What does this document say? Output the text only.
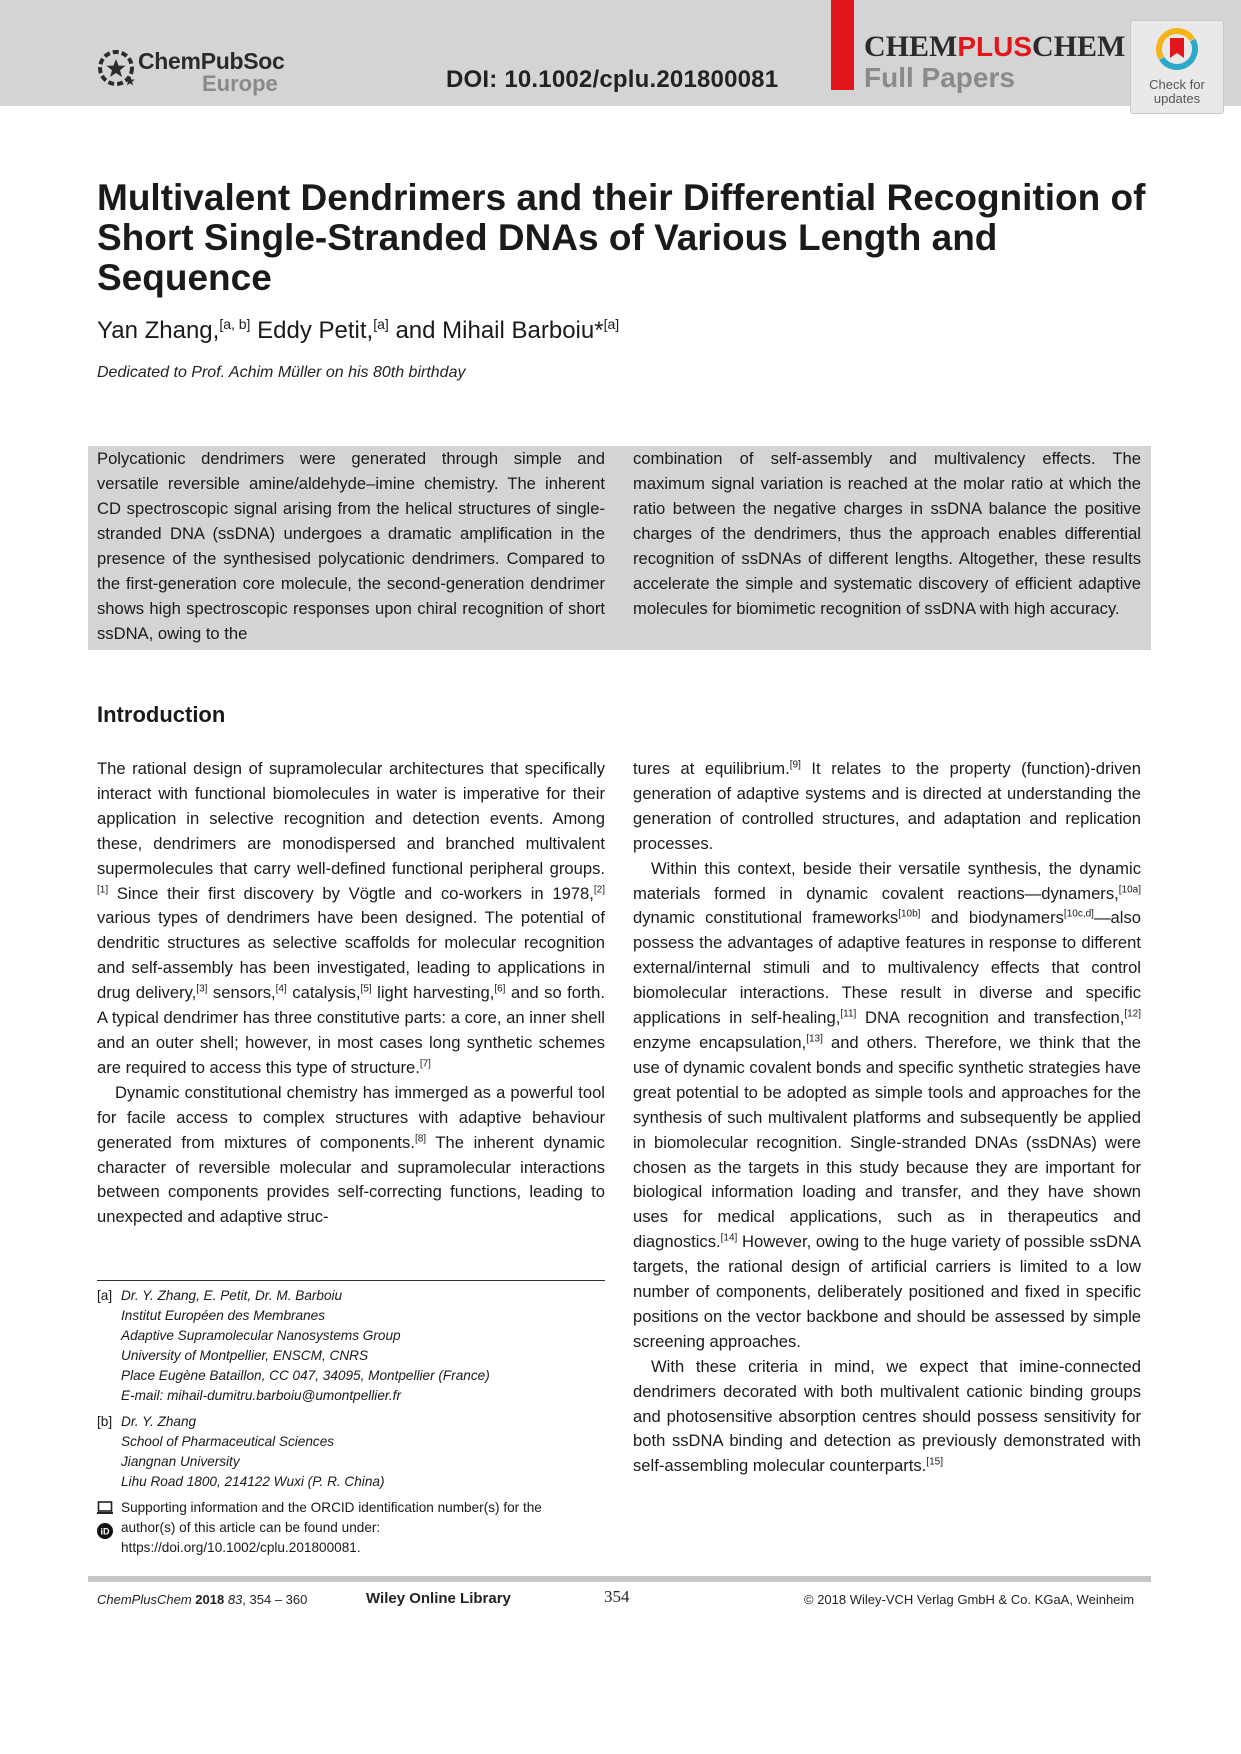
ChemPubSoc
Europe	DOI: 10.1002/cplu.201800081
CHEMPLUSCHEM
Full Papers	Check for
updates
Multivalent Dendrimers and their Differential Recognition of Short Single-Stranded DNAs of Various Length and Sequence
Yan Zhang,[a, b] Eddy Petit,[a] and Mihail Barboiu*[a]
Dedicated to Prof. Achim Müller on his 80th birthday
Polycationic dendrimers were generated through simple and versatile reversible amine/aldehyde–imine chemistry. The inherent CD spectroscopic signal arising from the helical structures of single-stranded DNA (ssDNA) undergoes a dramatic amplification in the presence of the synthesised polycationic dendrimers. Compared to the first-generation core molecule, the second-generation dendrimer shows high spectroscopic responses upon chiral recognition of short ssDNA, owing to the
combination of self-assembly and multivalency effects. The maximum signal variation is reached at the molar ratio at which the ratio between the negative charges in ssDNA balance the positive charges of the dendrimers, thus the approach enables differential recognition of ssDNAs of different lengths. Altogether, these results accelerate the simple and systematic discovery of efficient adaptive molecules for biomimetic recognition of ssDNA with high accuracy.
Introduction

The rational design of supramolecular architectures that specifically interact with functional biomolecules in water is imperative for their application in selective recognition and detection events. Among these, dendrimers are monodispersed and branched multivalent supermolecules that carry well-defined functional peripheral groups.[1] Since their first discovery by Vögtle and co-workers in 1978,[2] various types of dendrimers have been designed. The potential of dendritic structures as selective scaffolds for molecular recognition and self-assembly has been investigated, leading to applications in drug delivery,[3] sensors,[4] catalysis,[5] light harvesting,[6] and so forth. A typical dendrimer has three constitutive parts: a core, an inner shell and an outer shell; however, in most cases long synthetic schemes are required to access this type of structure.[7]

Dynamic constitutional chemistry has immerged as a powerful tool for facile access to complex structures with adaptive behaviour generated from mixtures of components.[8] The inherent dynamic character of reversible molecular and supramolecular interactions between components provides self-correcting functions, leading to unexpected and adaptive struc-

tures at equilibrium.[9] It relates to the property (function)-driven generation of adaptive systems and is directed at understanding the generation of controlled structures, and adaptation and replication processes.

Within this context, beside their versatile synthesis, the dynamic materials formed in dynamic covalent reactions—dynamers,[10a] dynamic constitutional frameworks[10b] and biodynamers[10c,d]—also possess the advantages of adaptive features in response to different external/internal stimuli and to multivalency effects that control biomolecular interactions. These result in diverse and specific applications in self-healing,[11] DNA recognition and transfection,[12] enzyme encapsulation,[13] and others. Therefore, we think that the use of dynamic covalent bonds and specific synthetic strategies have great potential to be adopted as simple tools and approaches for the synthesis of such multivalent platforms and subsequently be applied in biomolecular recognition. Single-stranded DNAs (ssDNAs) were chosen as the targets in this study because they are important for biological information loading and transfer, and they have shown uses for medical applications, such as in therapeutics and diagnostics.[14] However, owing to the huge variety of possible ssDNA targets, the rational design of artificial carriers is limited to a low number of components, deliberately positioned and fixed in specific positions on the vector backbone and should be assessed by simple screening approaches.

With these criteria in mind, we expect that imine-connected dendrimers decorated with both multivalent cationic binding groups and photosensitive absorption centres should possess sensitivity for both ssDNA binding and detection as previously demonstrated with self-assembling molecular counterparts.[15]

[a] Dr. Y. Zhang, E. Petit, Dr. M. Barboiu
Institut Européen des Membranes
Adaptive Supramolecular Nanosystems Group
University of Montpellier, ENSCM, CNRS
Place Eugène Bataillon, CC 047, 34095, Montpellier (France)
E-mail: mihail-dumitru.barboiu@umontpellier.fr
[b] Dr. Y. Zhang
School of Pharmaceutical Sciences
Jiangnan University
Lihu Road 1800, 214122 Wuxi (P. R. China)

iD
Supporting information and the ORCID identification number(s) for the
author(s) of this article can be found under:
https://doi.org/10.1002/cplu.201800081.
ChemPlusChem 2018 83, 354 – 360	Wiley Online Library	354	© 2018 Wiley-VCH Verlag GmbH & Co. KGaA, Weinheim
